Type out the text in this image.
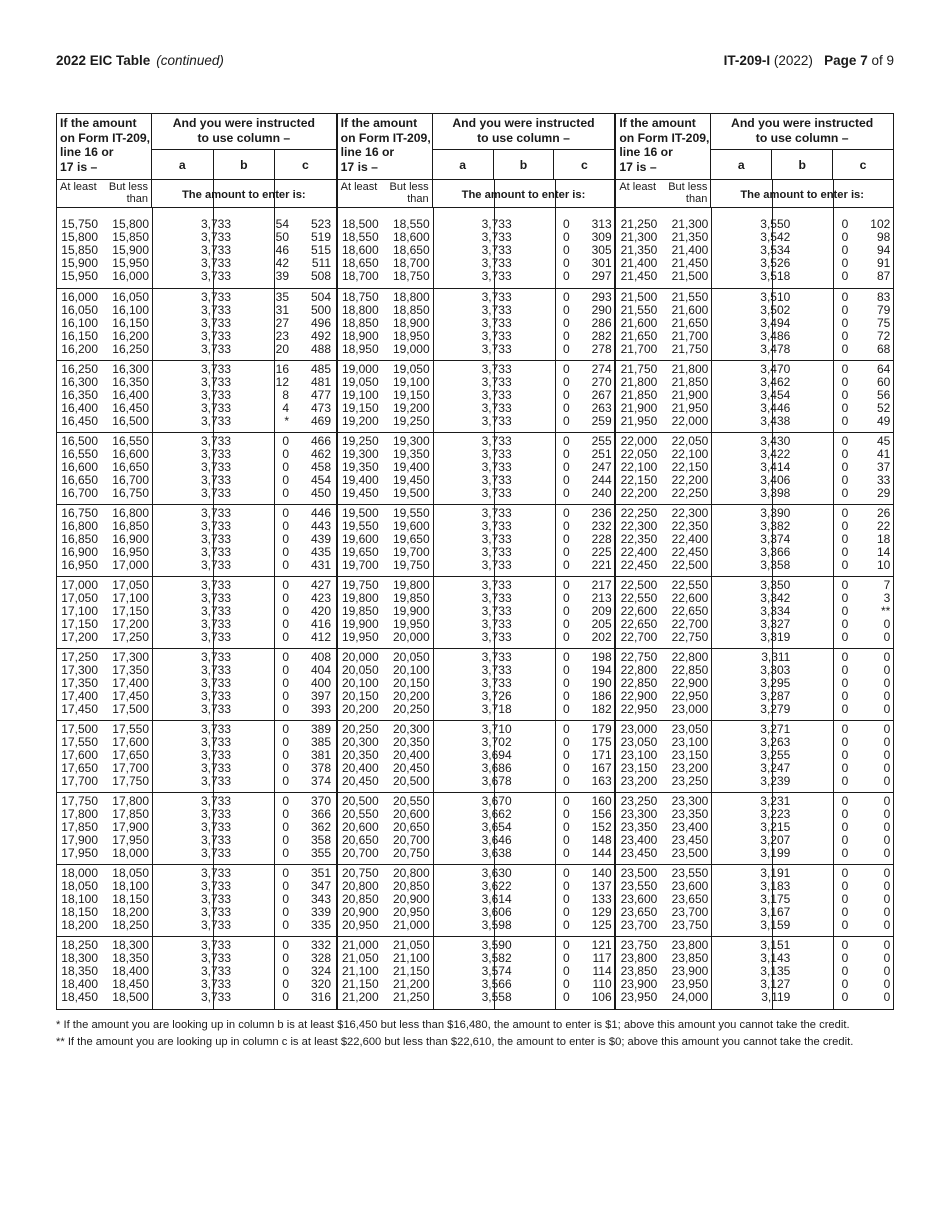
2022 EIC Table (continued)	IT-209-I (2022) Page 7 of 9
If the amount
on Form IT-209,
line 16 or
17 is –
And you were instructed
to use column –
a	b	c
At least	But less
than	The amount to enter is:
15,750	15,800	3,733	54	523
15,800	15,850	3,733	50	519
15,850	15,900	3,733	46	515
15,900	15,950	3,733	42	511
15,950	16,000	3,733	39	508
16,000	16,050	3,733	35	504
16,050	16,100	3,733	31	500
16,100	16,150	3,733	27	496
16,150	16,200	3,733	23	492
16,200	16,250	3,733	20	488
16,250	16,300	3,733	16	485
16,300	16,350	3,733	12	481
16,350	16,400	3,733	8	477
16,400	16,450	3,733	4	473
16,450	16,500	3,733	*	469
16,500	16,550	3,733	0	466
16,550	16,600	3,733	0	462
16,600	16,650	3,733	0	458
16,650	16,700	3,733	0	454
16,700	16,750	3,733	0	450
16,750	16,800	3,733	0	446
16,800	16,850	3,733	0	443
16,850	16,900	3,733	0	439
16,900	16,950	3,733	0	435
16,950	17,000	3,733	0	431
17,000	17,050	3,733	0	427
17,050	17,100	3,733	0	423
17,100	17,150	3,733	0	420
17,150	17,200	3,733	0	416
17,200	17,250	3,733	0	412
17,250	17,300	3,733	0	408
17,300	17,350	3,733	0	404
17,350	17,400	3,733	0	400
17,400	17,450	3,733	0	397
17,450	17,500	3,733	0	393
17,500	17,550	3,733	0	389
17,550	17,600	3,733	0	385
17,600	17,650	3,733	0	381
17,650	17,700	3,733	0	378
17,700	17,750	3,733	0	374
17,750	17,800	3,733	0	370
17,800	17,850	3,733	0	366
17,850	17,900	3,733	0	362
17,900	17,950	3,733	0	358
17,950	18,000	3,733	0	355
18,000	18,050	3,733	0	351
18,050	18,100	3,733	0	347
18,100	18,150	3,733	0	343
18,150	18,200	3,733	0	339
18,200	18,250	3,733	0	335
18,250	18,300	3,733	0	332
18,300	18,350	3,733	0	328
18,350	18,400	3,733	0	324
18,400	18,450	3,733	0	320
18,450	18,500	3,733	0	316
If the amount
on Form IT-209,
line 16 or
17 is –
And you were instructed
to use column –
a	b	c
At least	But less
than	The amount to enter is:
18,500	18,550	3,733	0	313
18,550	18,600	3,733	0	309
18,600	18,650	3,733	0	305
18,650	18,700	3,733	0	301
18,700	18,750	3,733	0	297
18,750	18,800	3,733	0	293
18,800	18,850	3,733	0	290
18,850	18,900	3,733	0	286
18,900	18,950	3,733	0	282
18,950	19,000	3,733	0	278
19,000	19,050	3,733	0	274
19,050	19,100	3,733	0	270
19,100	19,150	3,733	0	267
19,150	19,200	3,733	0	263
19,200	19,250	3,733	0	259
19,250	19,300	3,733	0	255
19,300	19,350	3,733	0	251
19,350	19,400	3,733	0	247
19,400	19,450	3,733	0	244
19,450	19,500	3,733	0	240
19,500	19,550	3,733	0	236
19,550	19,600	3,733	0	232
19,600	19,650	3,733	0	228
19,650	19,700	3,733	0	225
19,700	19,750	3,733	0	221
19,750	19,800	3,733	0	217
19,800	19,850	3,733	0	213
19,850	19,900	3,733	0	209
19,900	19,950	3,733	0	205
19,950	20,000	3,733	0	202
20,000	20,050	3,733	0	198
20,050	20,100	3,733	0	194
20,100	20,150	3,733	0	190
20,150	20,200	3,726	0	186
20,200	20,250	3,718	0	182
20,250	20,300	3,710	0	179
20,300	20,350	3,702	0	175
20,350	20,400	3,694	0	171
20,400	20,450	3,686	0	167
20,450	20,500	3,678	0	163
20,500	20,550	3,670	0	160
20,550	20,600	3,662	0	156
20,600	20,650	3,654	0	152
20,650	20,700	3,646	0	148
20,700	20,750	3,638	0	144
20,750	20,800	3,630	0	140
20,800	20,850	3,622	0	137
20,850	20,900	3,614	0	133
20,900	20,950	3,606	0	129
20,950	21,000	3,598	0	125
21,000	21,050	3,590	0	121
21,050	21,100	3,582	0	117
21,100	21,150	3,574	0	114
21,150	21,200	3,566	0	110
21,200	21,250	3,558	0	106
If the amount
on Form IT-209,
line 16 or
17 is –
And you were instructed
to use column –
a	b	c
At least	But less
than	The amount to enter is:
21,250	21,300	3,550	0	102
21,300	21,350	3,542	0	98
21,350	21,400	3,534	0	94
21,400	21,450	3,526	0	91
21,450	21,500	3,518	0	87
21,500	21,550	3,510	0	83
21,550	21,600	3,502	0	79
21,600	21,650	3,494	0	75
21,650	21,700	3,486	0	72
21,700	21,750	3,478	0	68
21,750	21,800	3,470	0	64
21,800	21,850	3,462	0	60
21,850	21,900	3,454	0	56
21,900	21,950	3,446	0	52
21,950	22,000	3,438	0	49
22,000	22,050	3,430	0	45
22,050	22,100	3,422	0	41
22,100	22,150	3,414	0	37
22,150	22,200	3,406	0	33
22,200	22,250	3,398	0	29
22,250	22,300	3,390	0	26
22,300	22,350	3,382	0	22
22,350	22,400	3,374	0	18
22,400	22,450	3,366	0	14
22,450	22,500	3,358	0	10
22,500	22,550	3,350	0	7
22,550	22,600	3,342	0	3
22,600	22,650	3,334	0	**
22,650	22,700	3,327	0	0
22,700	22,750	3,319	0	0
22,750	22,800	3,311	0	0
22,800	22,850	3,303	0	0
22,850	22,900	3,295	0	0
22,900	22,950	3,287	0	0
22,950	23,000	3,279	0	0
23,000	23,050	3,271	0	0
23,050	23,100	3,263	0	0
23,100	23,150	3,255	0	0
23,150	23,200	3,247	0	0
23,200	23,250	3,239	0	0
23,250	23,300	3,231	0	0
23,300	23,350	3,223	0	0
23,350	23,400	3,215	0	0
23,400	23,450	3,207	0	0
23,450	23,500	3,199	0	0
23,500	23,550	3,191	0	0
23,550	23,600	3,183	0	0
23,600	23,650	3,175	0	0
23,650	23,700	3,167	0	0
23,700	23,750	3,159	0	0
23,750	23,800	3,151	0	0
23,800	23,850	3,143	0	0
23,850	23,900	3,135	0	0
23,900	23,950	3,127	0	0
23,950	24,000	3,119	0	0
* If the amount you are looking up in column b is at least $16,450 but less than $16,480, the amount to enter is $1; above this amount you cannot take the credit.
** If the amount you are looking up in column c is at least $22,600 but less than $22,610, the amount to enter is $0; above this amount you cannot take the credit.
